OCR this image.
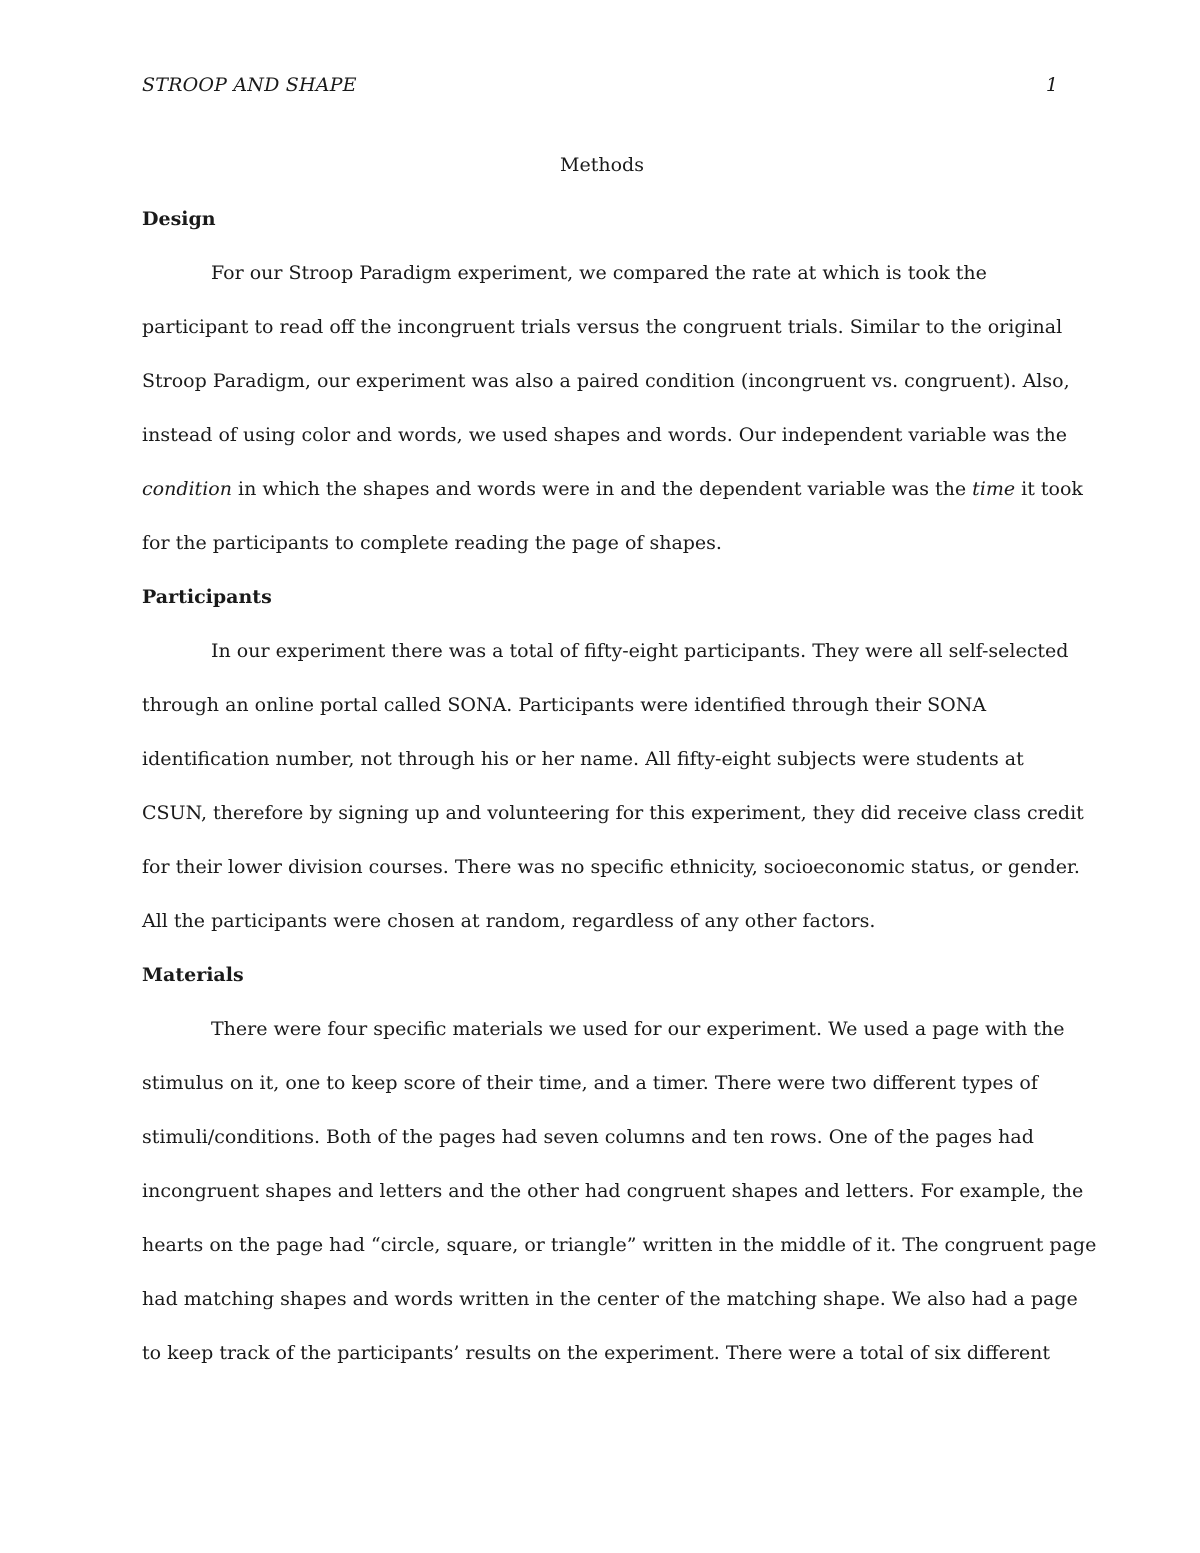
STROOP AND SHAPE	1

Methods

Design

For our Stroop Paradigm experiment, we compared the rate at which is took the
participant to read off the incongruent trials versus the congruent trials. Similar to the original
Stroop Paradigm, our experiment was also a paired condition (incongruent vs. congruent). Also,
instead of using color and words, we used shapes and words. Our independent variable was the
condition in which the shapes and words were in and the dependent variable was the time it took
for the participants to complete reading the page of shapes.

Participants

In our experiment there was a total of fifty-eight participants. They were all self-selected
through an online portal called SONA. Participants were identified through their SONA
identification number, not through his or her name. All fifty-eight subjects were students at
CSUN, therefore by signing up and volunteering for this experiment, they did receive class credit
for their lower division courses. There was no specific ethnicity, socioeconomic status, or gender.
All the participants were chosen at random, regardless of any other factors.

Materials

There were four specific materials we used for our experiment. We used a page with the
stimulus on it, one to keep score of their time, and a timer. There were two different types of
stimuli/conditions. Both of the pages had seven columns and ten rows. One of the pages had
incongruent shapes and letters and the other had congruent shapes and letters. For example, the
hearts on the page had “circle, square, or triangle” written in the middle of it. The congruent page
had matching shapes and words written in the center of the matching shape. We also had a page
to keep track of the participants’ results on the experiment. There were a total of six different
